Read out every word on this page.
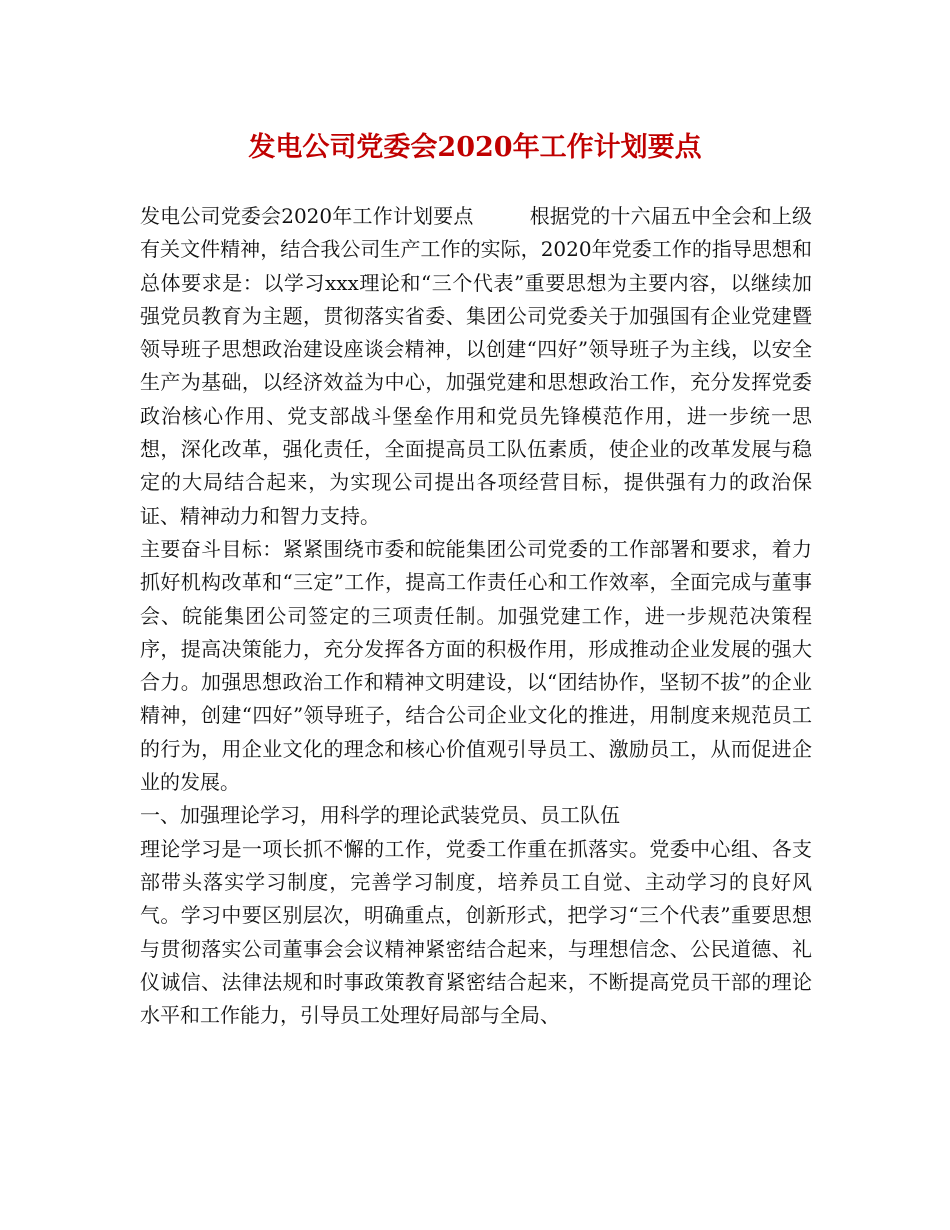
发电公司党委会2020年工作计划要点

发电公司党委会2020年工作计划要点	根据党的十六届五中全会和上级有关文件精神，结合我公司生产工作的实际，2020年党委工作的指导思想和总体要求是：以学习xxx理论和“三个代表”重要思想为主要内容，以继续加强党员教育为主题，贯彻落实省委、集团公司党委关于加强国有企业党建暨领导班子思想政治建设座谈会精神，以创建“四好”领导班子为主线，以安全生产为基础，以经济效益为中心，加强党建和思想政治工作，充分发挥党委政治核心作用、党支部战斗堡垒作用和党员先锋模范作用，进一步统一思想，深化改革，强化责任，全面提高员工队伍素质，使企业的改革发展与稳定的大局结合起来，为实现公司提出各项经营目标，提供强有力的政治保证、精神动力和智力支持。

主要奋斗目标：紧紧围绕市委和皖能集团公司党委的工作部署和要求，着力抓好机构改革和“三定”工作，提高工作责任心和工作效率，全面完成与董事会、皖能集团公司签定的三项责任制。加强党建工作，进一步规范决策程序，提高决策能力，充分发挥各方面的积极作用，形成推动企业发展的强大合力。加强思想政治工作和精神文明建设，以“团结协作，坚韧不拔”的企业精神，创建“四好”领导班子，结合公司企业文化的推进，用制度来规范员工的行为，用企业文化的理念和核心价值观引导员工、激励员工，从而促进企业的发展。

一、加强理论学习，用科学的理论武装党员、员工队伍

理论学习是一项长抓不懈的工作，党委工作重在抓落实。党委中心组、各支部带头落实学习制度，完善学习制度，培养员工自觉、主动学习的良好风气。学习中要区别层次，明确重点，创新形式，把学习“三个代表”重要思想与贯彻落实公司董事会会议精神紧密结合起来，与理想信念、公民道德、礼仪诚信、法律法规和时事政策教育紧密结合起来，不断提高党员干部的理论水平和工作能力，引导员工处理好局部与全局、
